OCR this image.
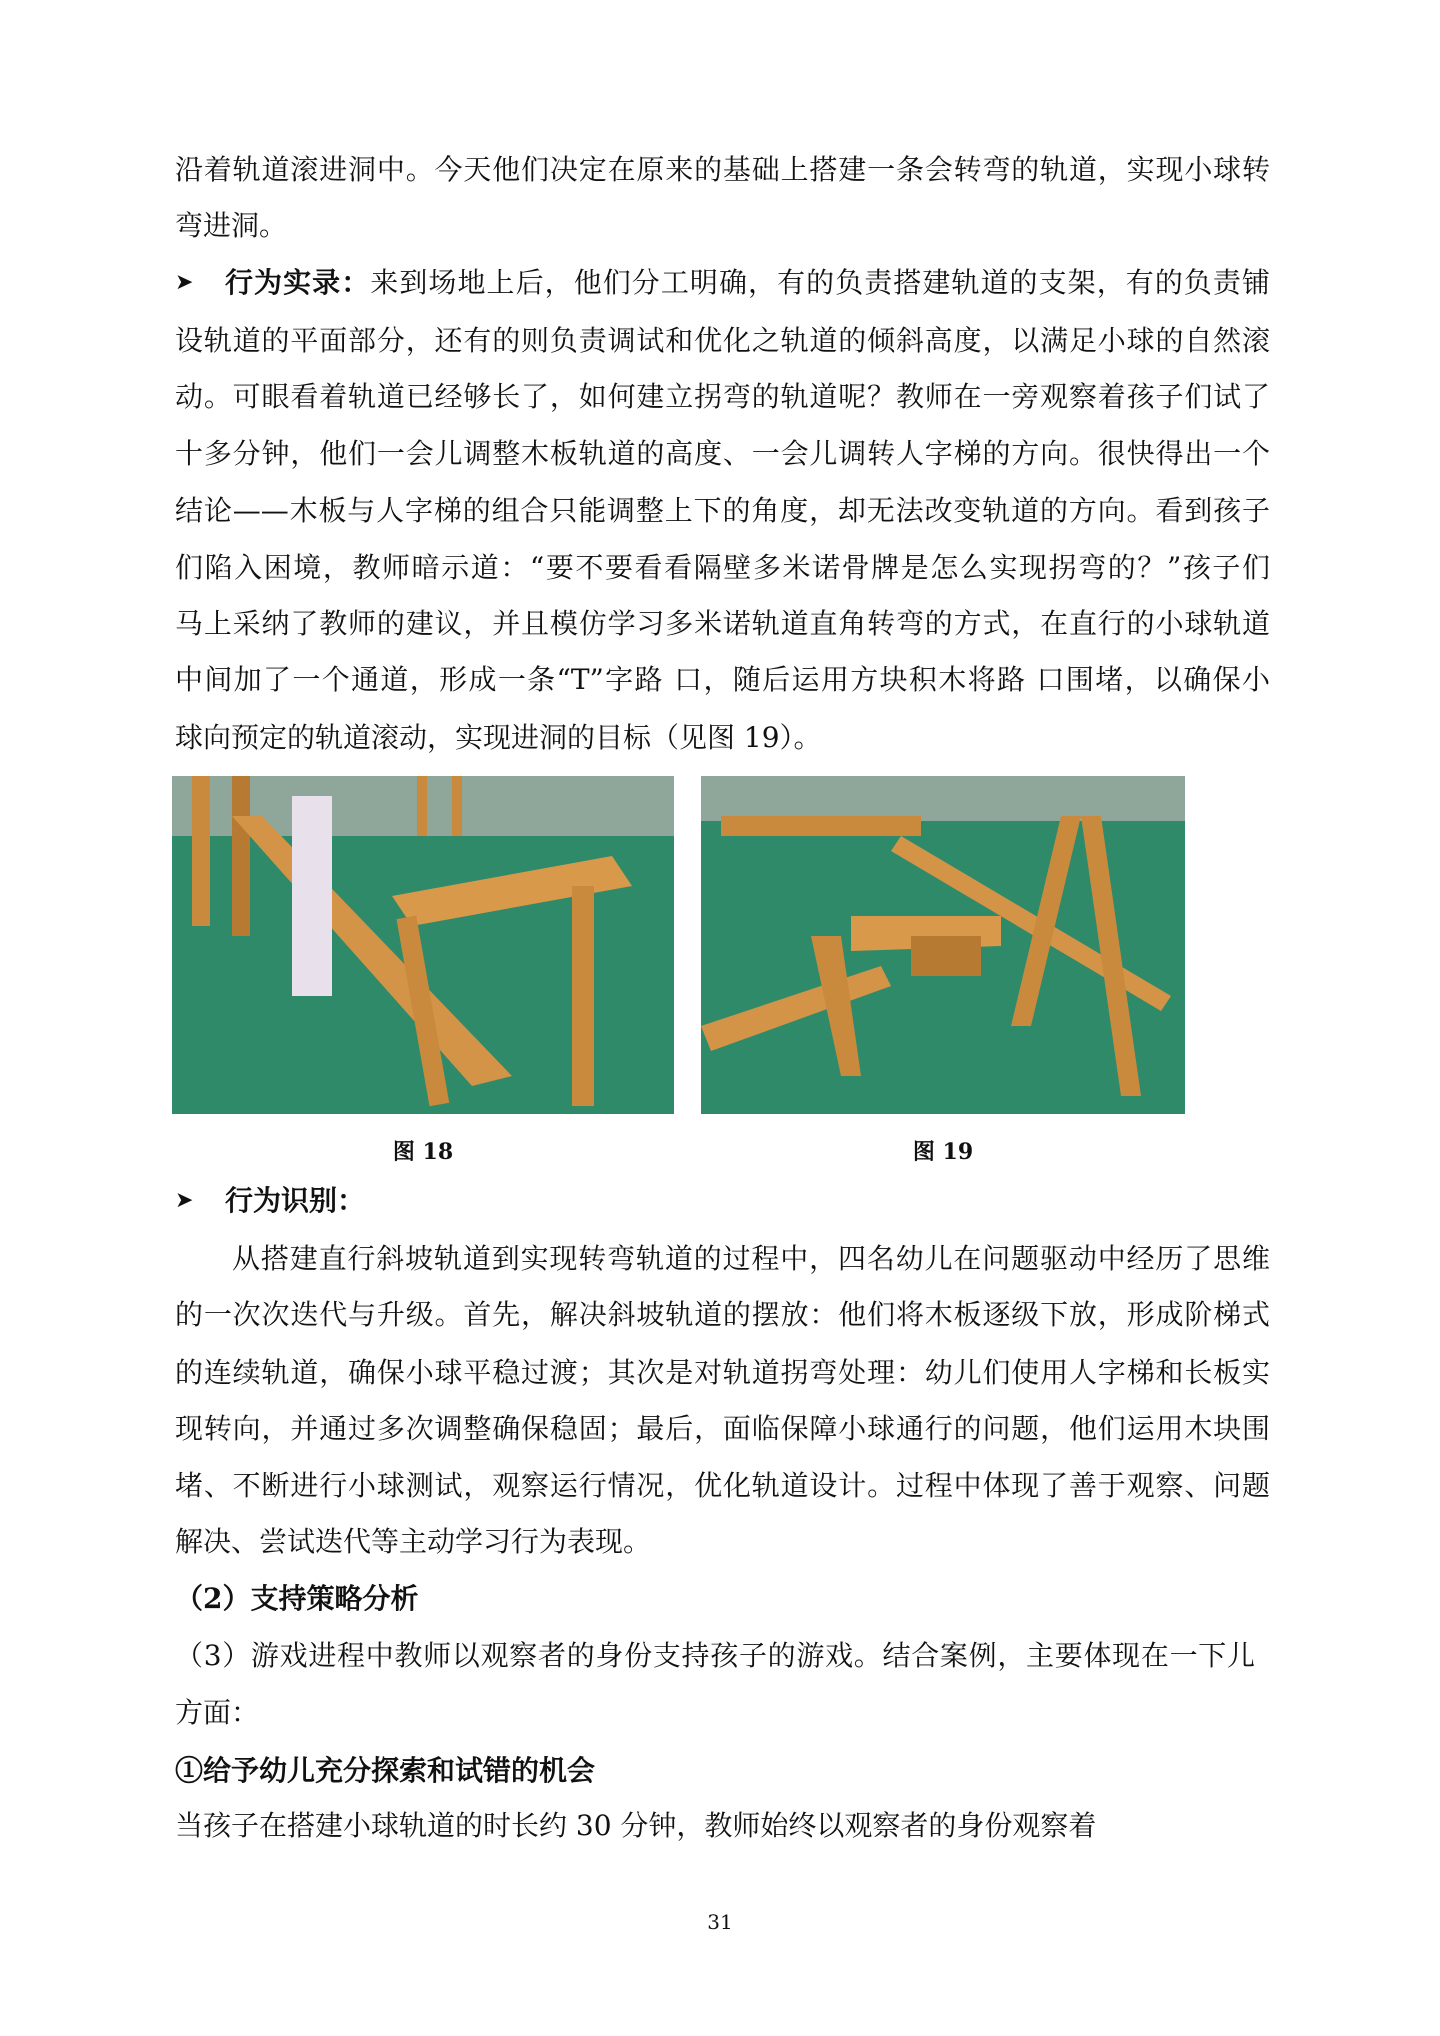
沿着轨道滚进洞中。今天他们决定在原来的基础上搭建一条会转弯的轨道，实现小球转
弯进洞。
➤ 行为实录：来到场地上后，他们分工明确，有的负责搭建轨道的支架，有的负责铺
设轨道的平面部分，还有的则负责调试和优化之轨道的倾斜高度，以满足小球的自然滚
动。可眼看着轨道已经够长了，如何建立拐弯的轨道呢？教师在一旁观察着孩子们试了
十多分钟，他们一会儿调整木板轨道的高度、一会儿调转人字梯的方向。很快得出一个
结论——木板与人字梯的组合只能调整上下的角度，却无法改变轨道的方向。看到孩子
们陷入困境，教师暗示道：“要不要看看隔壁多米诺骨牌是怎么实现拐弯的？”孩子们
马上采纳了教师的建议，并且模仿学习多米诺轨道直角转弯的方式，在直行的小球轨道
中间加了一个通道，形成一条“T”字路 口，随后运用方块积木将路 口围堵，以确保小
球向预定的轨道滚动，实现进洞的目标（见图 19）。
图 18	图 19
➤ 行为识别：
从搭建直行斜坡轨道到实现转弯轨道的过程中，四名幼儿在问题驱动中经历了思维
的一次次迭代与升级。首先，解决斜坡轨道的摆放：他们将木板逐级下放，形成阶梯式
的连续轨道，确保小球平稳过渡；其次是对轨道拐弯处理：幼儿们使用人字梯和长板实
现转向，并通过多次调整确保稳固；最后，面临保障小球通行的问题，他们运用木块围
堵、不断进行小球测试，观察运行情况，优化轨道设计。过程中体现了善于观察、问题
解决、尝试迭代等主动学习行为表现。
（2）支持策略分析
（3）游戏进程中教师以观察者的身份支持孩子的游戏。结合案例，主要体现在一下儿
方面：
①给予幼儿充分探索和试错的机会
当孩子在搭建小球轨道的时长约 30 分钟，教师始终以观察者的身份观察着
31
